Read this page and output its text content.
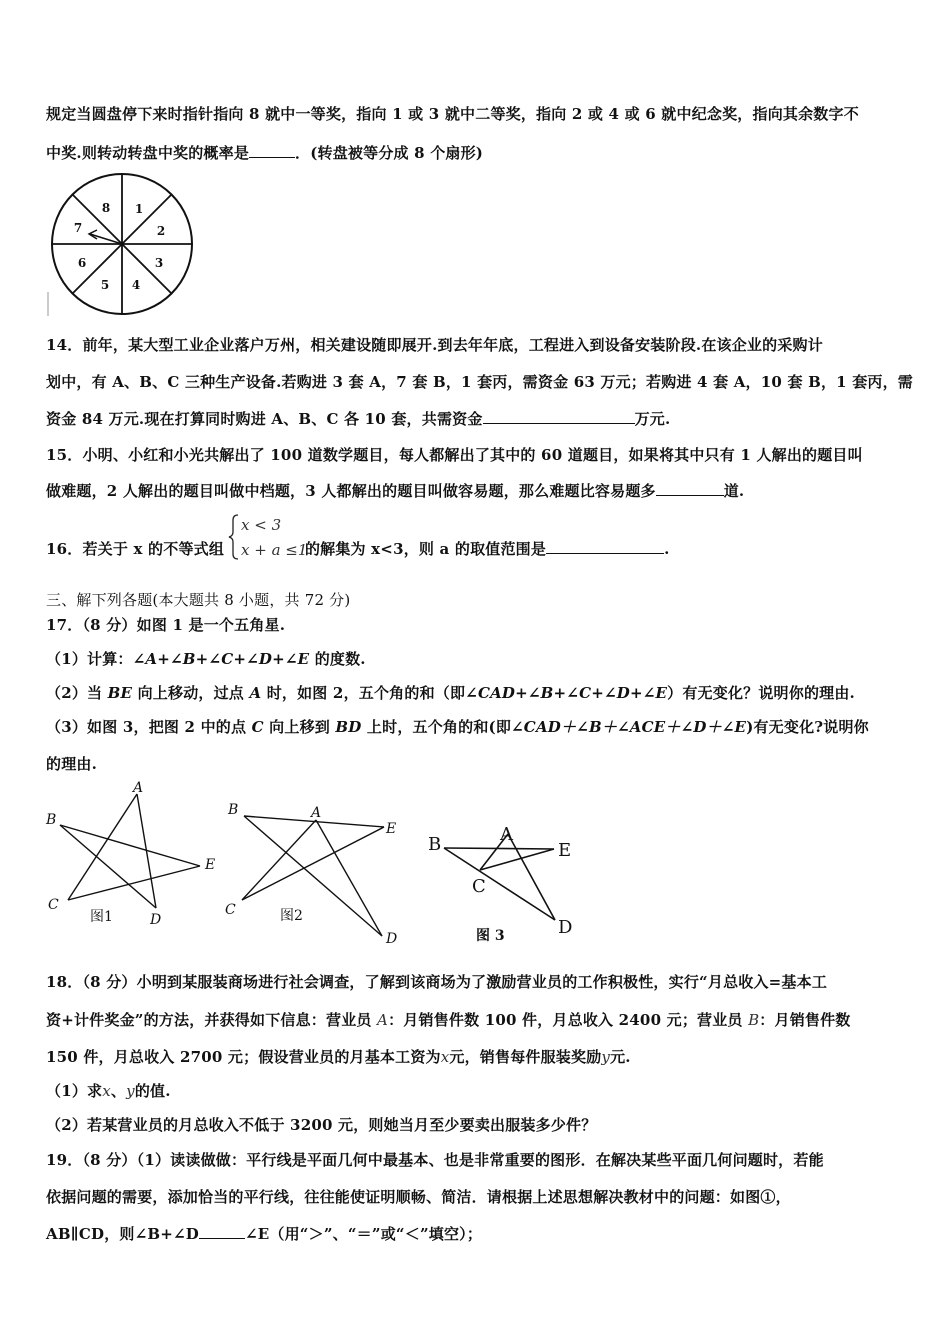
规定当圆盘停下来时指针指向 8 就中一等奖，指向 1 或 3 就中二等奖，指向 2 或 4 或 6 就中纪念奖，指向其余数字不
中奖.则转动转盘中奖的概率是	．(转盘被等分成 8 个扇形)
1
2
3
4
5
6
7
8
14．前年，某大型工业企业落户万州，相关建设随即展开.到去年年底，工程进入到设备安装阶段.在该企业的采购计
划中，有 A、B、C 三种生产设备.若购进 3 套 A，7 套 B，1 套丙，需资金 63 万元；若购进 4 套 A，10 套 B，1 套丙，需
资金 84 万元.现在打算同时购进 A、B、C 各 10 套，共需资金	万元.
15．小明、小红和小光共解出了 100 道数学题目，每人都解出了其中的 60 道题目，如果将其中只有 1 人解出的题目叫
做难题，2 人解出的题目叫做中档题，3 人都解出的题目叫做容易题，那么难题比容易题多	道.
16．若关于 x 的不等式组	的解集为 x<3，则 a 的取值范围是	.
x < 3
x + a ≤1
三、解下列各题(本大题共 8 小题，共 72 分)
17．（8 分）如图 1 是一个五角星.
（1）计算：∠A+∠B+∠C+∠D+∠E 的度数.
（2）当 BE 向上移动，过点 A 时，如图 2，五个角的和（即∠CAD+∠B+∠C+∠D+∠E）有无变化？说明你的理由.
（3）如图 3，把图 2 中的点 C 向上移到 BD 上时，五个角的和(即∠CAD＋∠B＋∠ACE＋∠D＋∠E)有无变化?说明你
的理由.
A
B
C
D
E
图1
A
B
C
D
E
图2
A
B
C
D
E
图 3
18．（8 分）小明到某服装商场进行社会调查，了解到该商场为了激励营业员的工作积极性，实行“月总收入=基本工
资+计件奖金”的方法，并获得如下信息：营业员 A：月销售件数 100 件，月总收入 2400 元；营业员 B：月销售件数
150 件，月总收入 2700 元；假设营业员的月基本工资为x元，销售每件服装奖励y元.
（1）求x、y的值.
（2）若某营业员的月总收入不低于 3200 元，则她当月至少要卖出服装多少件？
19．（8 分）（1）读读做做：平行线是平面几何中最基本、也是非常重要的图形．在解决某些平面几何问题时，若能
依据问题的需要，添加恰当的平行线，往往能使证明顺畅、简洁．请根据上述思想解决教材中的问题：如图①，
AB∥CD，则∠B+∠D	∠E（用“＞”、“＝”或“＜”填空）；
